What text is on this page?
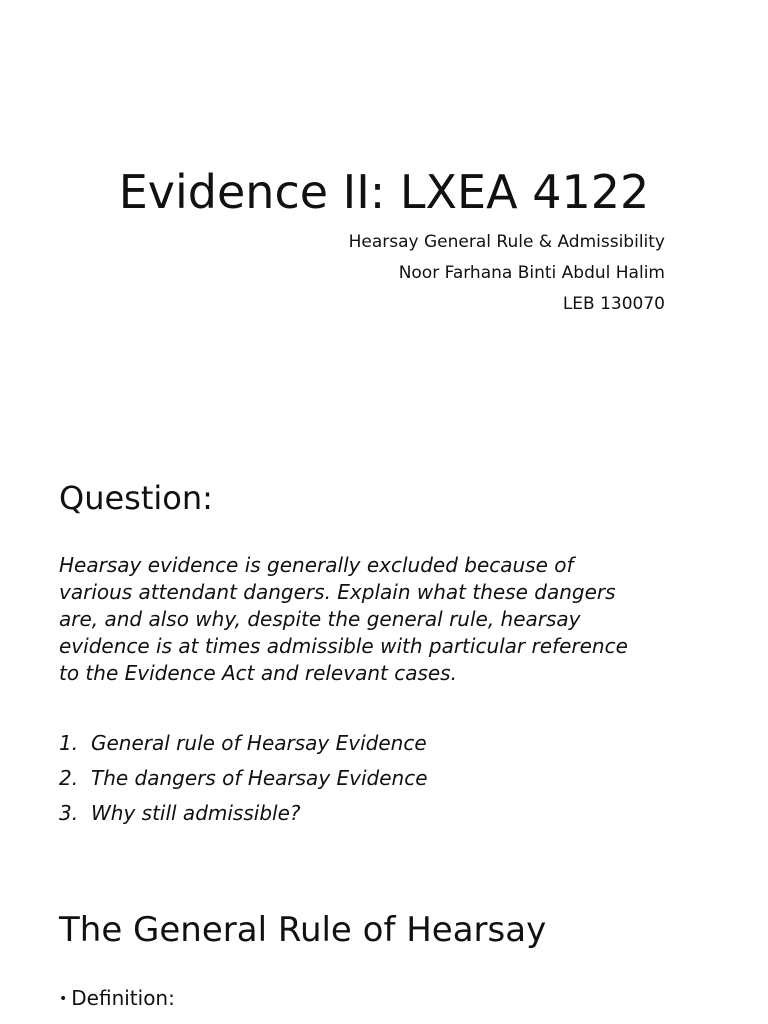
Evidence II: LXEA 4122
Hearsay General Rule & Admissibility
Noor Farhana Binti Abdul Halim
LEB 130070
Question:
Hearsay evidence is generally excluded because of
various attendant dangers. Explain what these dangers
are, and also why, despite the general rule, hearsay
evidence is at times admissible with particular reference
to the Evidence Act and relevant cases.
1. General rule of Hearsay Evidence
2. The dangers of Hearsay Evidence
3. Why still admissible?
The General Rule of Hearsay
• Definition:
